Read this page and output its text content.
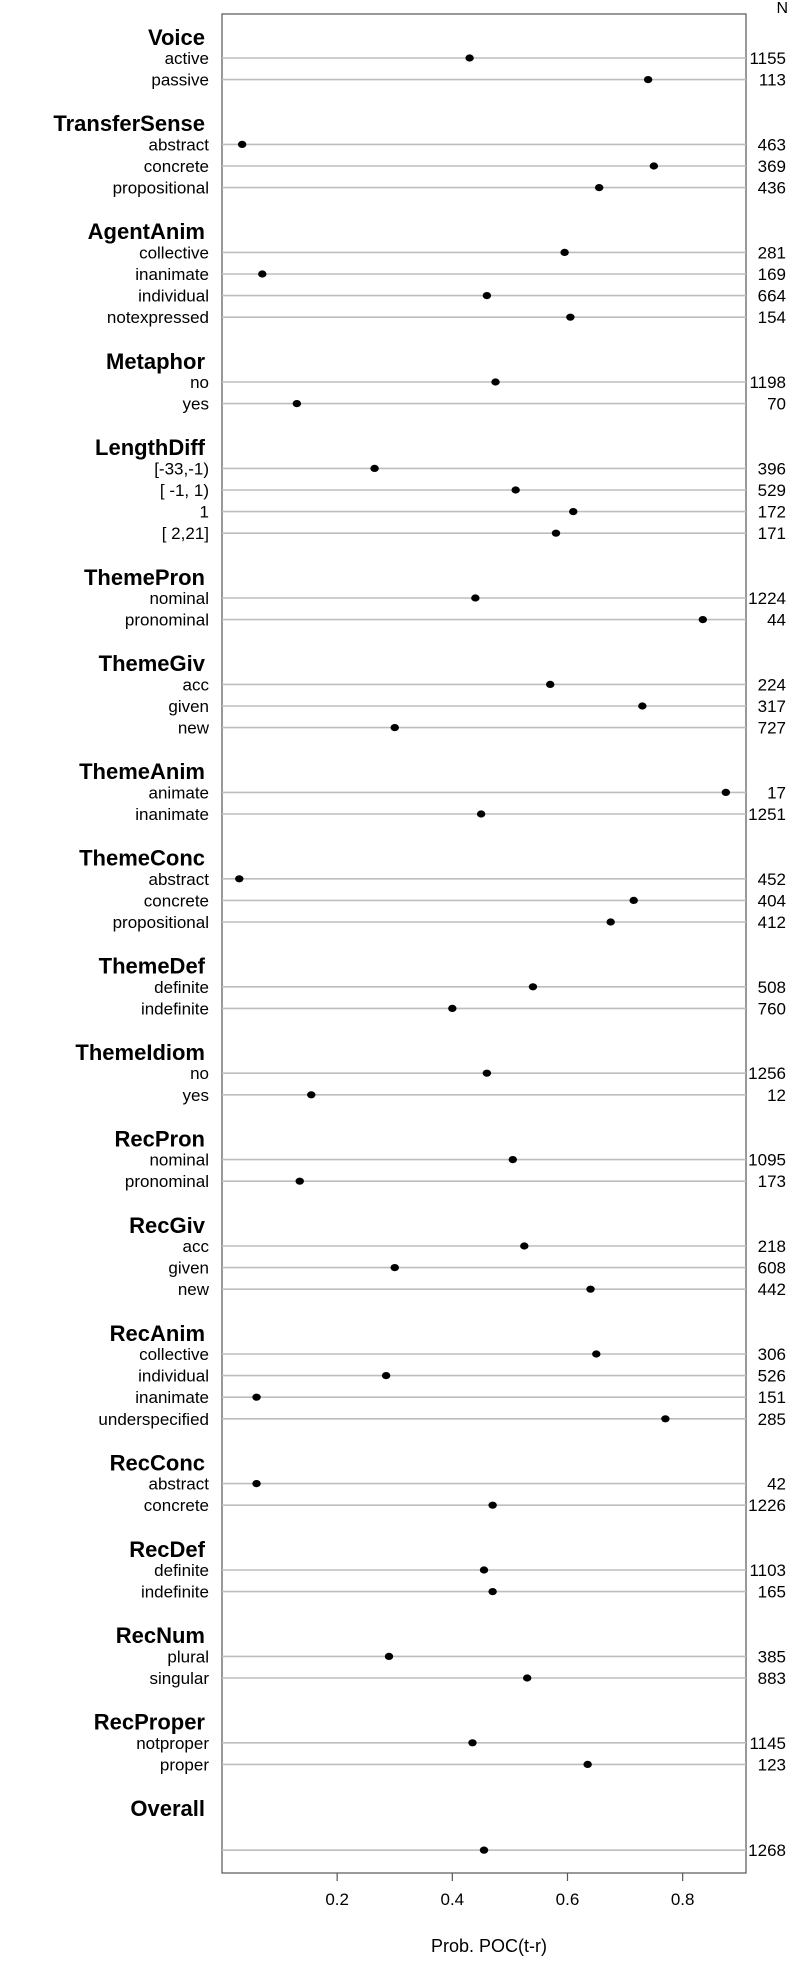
N
Voice
active	1155
passive	113
TransferSense
abstract	463
concrete	369
propositional	436
AgentAnim
collective	281
inanimate	169
individual	664
notexpressed	154
Metaphor
no	1198
yes	70
LengthDiff
[-33,-1)	396
[ -1, 1)	529
1	172
[ 2,21]	171
ThemePron
nominal	1224
pronominal	44
ThemeGiv
acc	224
given	317
new	727
ThemeAnim
animate	17
inanimate	1251
ThemeConc
abstract	452
concrete	404
propositional	412
ThemeDef
definite	508
indefinite	760
ThemeIdiom
no	1256
yes	12
RecPron
nominal	1095
pronominal	173
RecGiv
acc	218
given	608
new	442
RecAnim
collective	306
individual	526
inanimate	151
underspecified	285
RecConc
abstract	42
concrete	1226
RecDef
definite	1103
indefinite	165
RecNum
plural	385
singular	883
RecProper
notproper	1145
proper	123
Overall
1268
0.2	0.4	0.6	0.8
Prob. POC(t-r)
